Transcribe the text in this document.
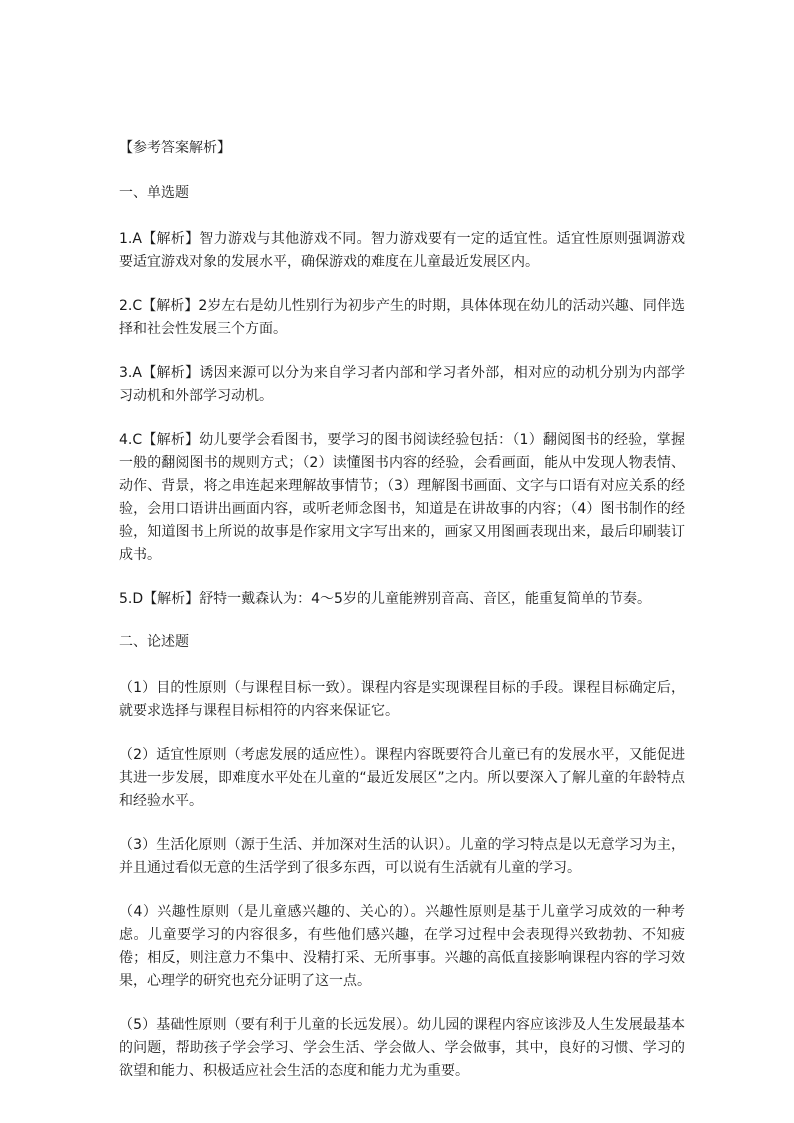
【参考答案解析】

一、单选题

1.A【解析】智力游戏与其他游戏不同。智力游戏要有一定的适宜性。适宜性原则强调游戏要适宜游戏对象的发展水平，确保游戏的难度在儿童最近发展区内。

2.C【解析】2岁左右是幼儿性别行为初步产生的时期，具体体现在幼儿的活动兴趣、同伴选择和社会性发展三个方面。

3.A【解析】诱因来源可以分为来自学习者内部和学习者外部，相对应的动机分别为内部学习动机和外部学习动机。

4.C【解析】幼儿要学会看图书，要学习的图书阅读经验包括：（1）翻阅图书的经验，掌握一般的翻阅图书的规则方式；（2）读懂图书内容的经验，会看画面，能从中发现人物表情、动作、背景，将之串连起来理解故事情节；（3）理解图书画面、文字与口语有对应关系的经验，会用口语讲出画面内容，或听老师念图书，知道是在讲故事的内容；（4）图书制作的经验，知道图书上所说的故事是作家用文字写出来的，画家又用图画表现出来，最后印刷装订成书。

5.D【解析】舒特一戴森认为：4～5岁的儿童能辨别音高、音区，能重复简单的节奏。

二、论述题

（1）目的性原则（与课程目标一致）。课程内容是实现课程目标的手段。课程目标确定后，就要求选择与课程目标相符的内容来保证它。

（2）适宜性原则（考虑发展的适应性）。课程内容既要符合儿童已有的发展水平，又能促进其进一步发展，即难度水平处在儿童的“最近发展区”之内。所以要深入了解儿童的年龄特点和经验水平。

（3）生活化原则（源于生活、并加深对生活的认识）。儿童的学习特点是以无意学习为主，并且通过看似无意的生活学到了很多东西，可以说有生活就有儿童的学习。

（4）兴趣性原则（是儿童感兴趣的、关心的）。兴趣性原则是基于儿童学习成效的一种考虑。儿童要学习的内容很多，有些他们感兴趣，在学习过程中会表现得兴致勃勃、不知疲倦；相反，则注意力不集中、没精打采、无所事事。兴趣的高低直接影响课程内容的学习效果，心理学的研究也充分证明了这一点。

（5）基础性原则（要有利于儿童的长远发展）。幼儿园的课程内容应该涉及人生发展最基本的问题，帮助孩子学会学习、学会生活、学会做人、学会做事，其中，良好的习惯、学习的欲望和能力、积极适应社会生活的态度和能力尤为重要。
